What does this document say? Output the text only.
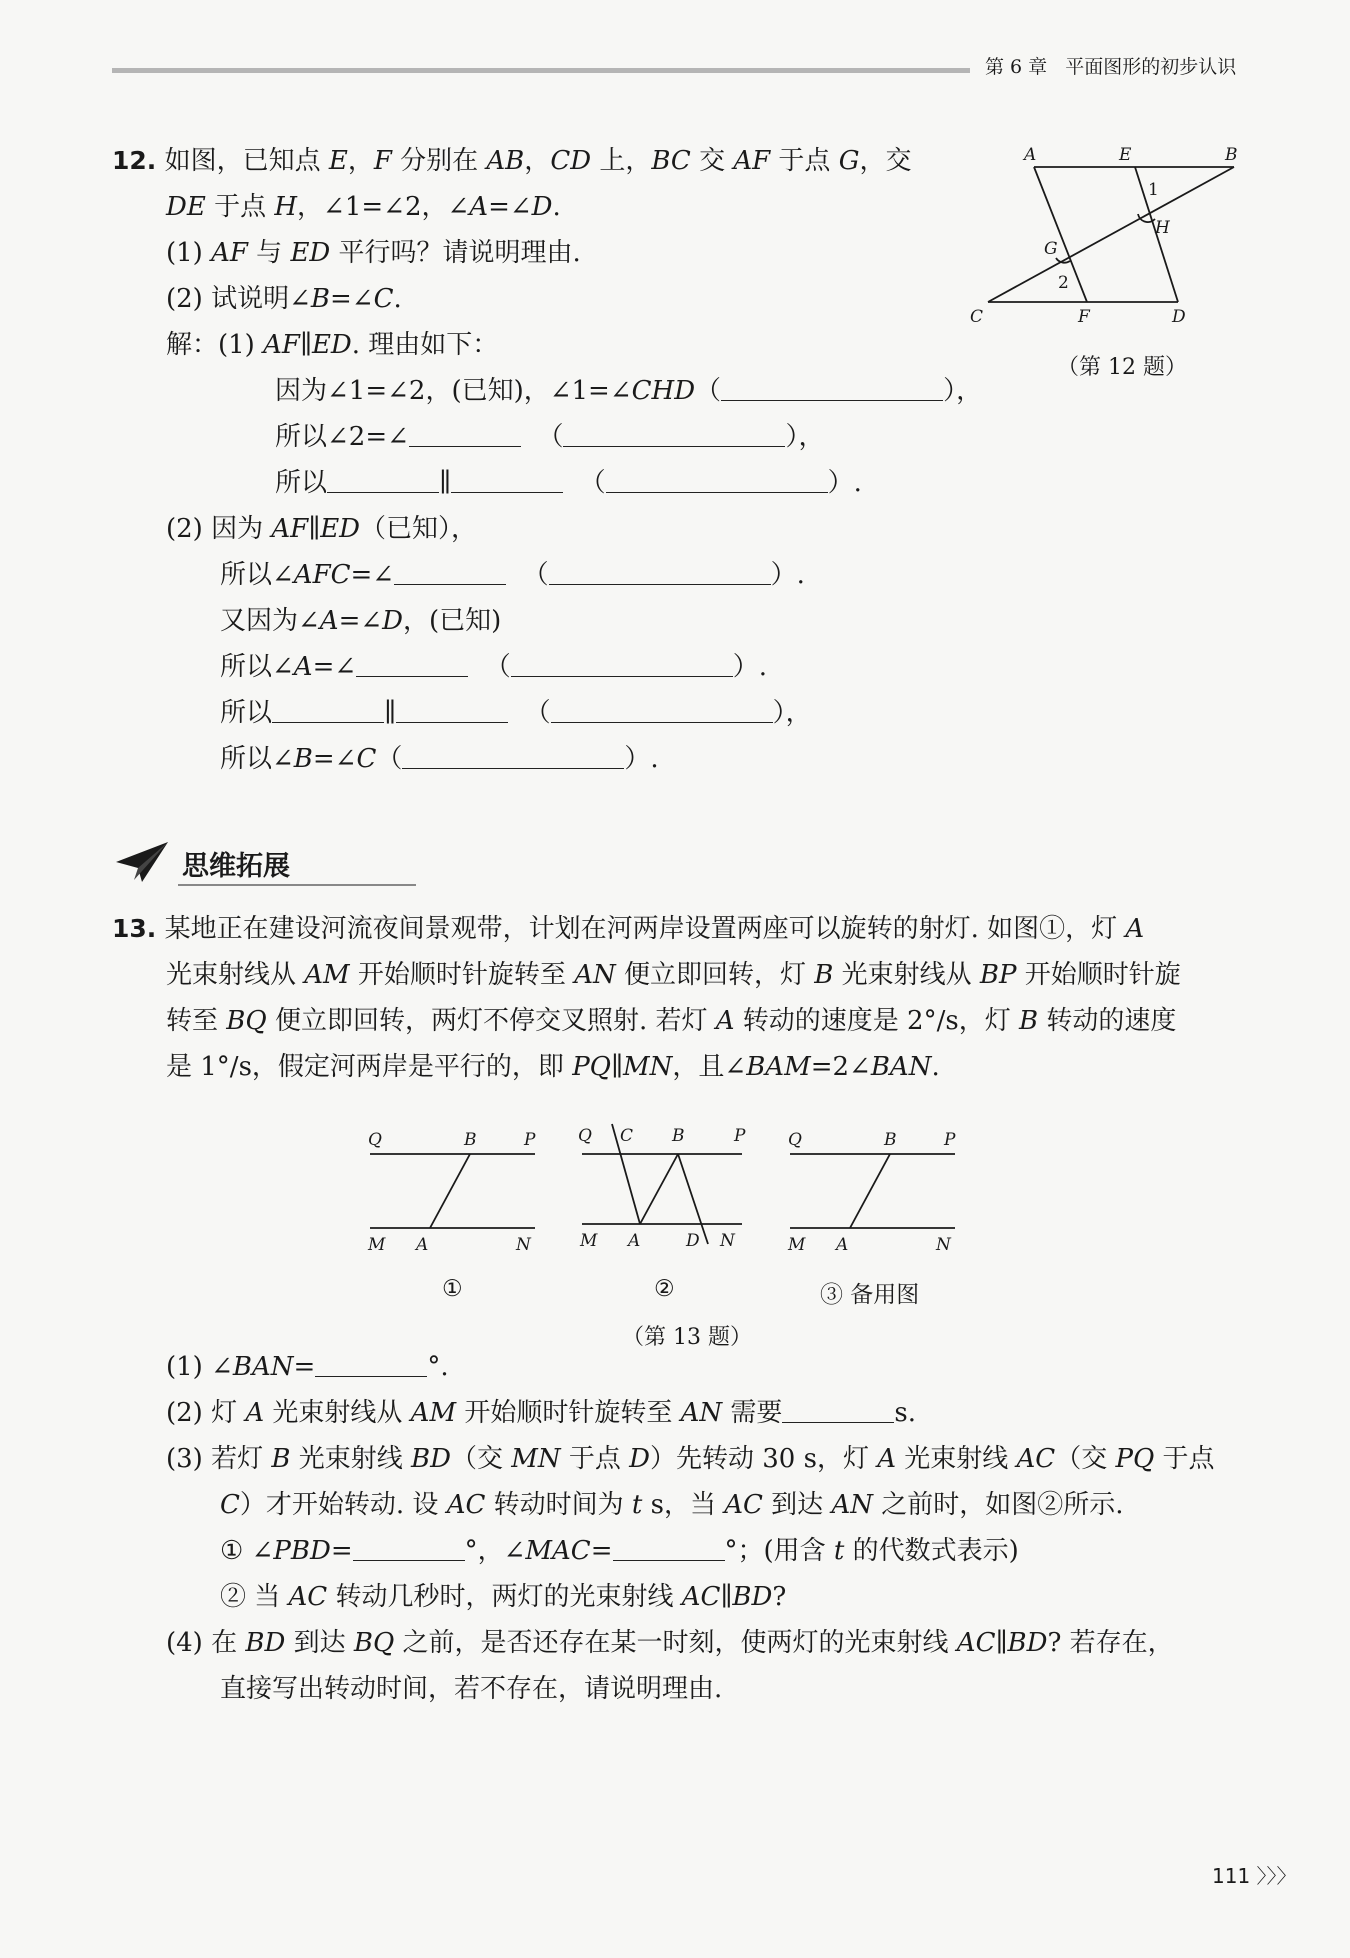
第 6 章 平面图形的初步认识
12. 如图，已知点 E，F 分别在 AB，CD 上，BC 交 AF 于点 G，交
DE 于点 H，∠1=∠2，∠A=∠D.
(1) AF 与 ED 平行吗？请说明理由.
(2) 试说明∠B=∠C.
解：(1) AF∥ED. 理由如下：
因为∠1=∠2，(已知)，∠1=∠CHD（	），
所以∠2=∠	（	），
所以	∥	（	）.
(2) 因为 AF∥ED（已知），
所以∠AFC=∠	（	）.
又因为∠A=∠D，(已知)
所以∠A=∠	（	）.
所以	∥	（	），
所以∠B=∠C（	）.
A	E	B
C	F	D
G
H
1
2
（第 12 题）
思维拓展
13. 某地正在建设河流夜间景观带，计划在河两岸设置两座可以旋转的射灯. 如图①，灯 A
光束射线从 AM 开始顺时针旋转至 AN 便立即回转，灯 B 光束射线从 BP 开始顺时针旋
转至 BQ 便立即回转，两灯不停交叉照射. 若灯 A 转动的速度是 2°/s，灯 B 转动的速度
是 1°/s，假定河两岸是平行的，即 PQ∥MN，且∠BAM=2∠BAN.
Q	B	P
M A	N
Q C B	P
M A	D N
Q	B	P
M A	N
①	②	③ 备用图
（第 13 题）
(1) ∠BAN=	°.
(2) 灯 A 光束射线从 AM 开始顺时针旋转至 AN 需要	s.
(3) 若灯 B 光束射线 BD（交 MN 于点 D）先转动 30 s，灯 A 光束射线 AC（交 PQ 于点
C）才开始转动. 设 AC 转动时间为 t s，当 AC 到达 AN 之前时，如图②所示.
① ∠PBD=	°，∠MAC=	°；(用含 t 的代数式表示)
② 当 AC 转动几秒时，两灯的光束射线 AC∥BD?
(4) 在 BD 到达 BQ 之前，是否还存在某一时刻，使两灯的光束射线 AC∥BD? 若存在，
直接写出转动时间，若不存在，请说明理由.
111 〉〉〉
